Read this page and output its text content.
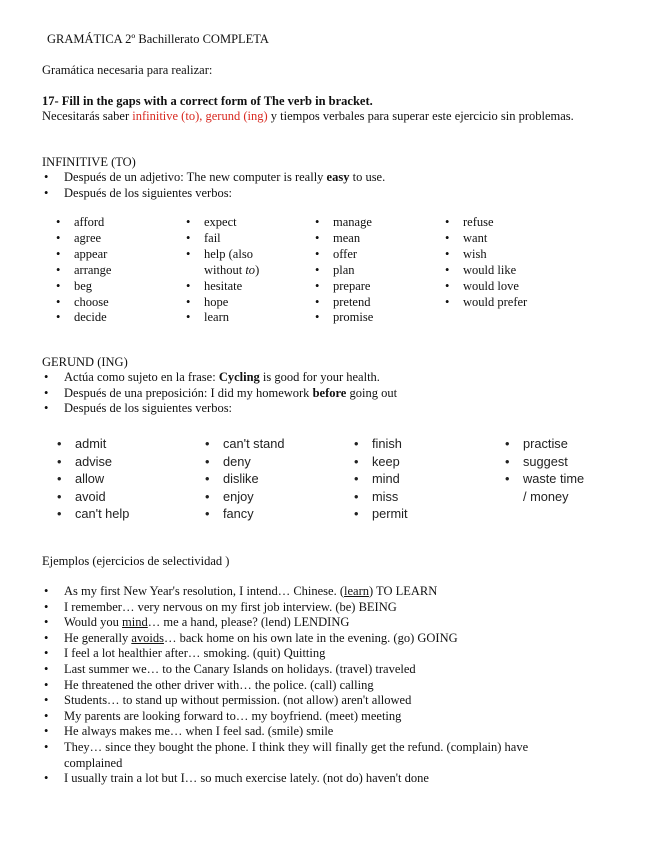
GRAMÁTICA 2º Bachillerato COMPLETA
Gramática necesaria para realizar:
17- Fill in the gaps with a correct form of The verb in bracket.
Necesitarás saber infinitive (to), gerund (ing) y tiempos verbales para superar este ejercicio sin problemas.
INFINITIVE (TO)
• Después de un adjetivo: The new computer is really easy to use.
• Después de los siguientes verbos:
• afford
• agree
• appear
• arrange
• beg
• choose
• decide
• expect
• fail
• help (also
without to)
• hesitate
• hope
• learn
• manage
• mean
• offer
• plan
• prepare
• pretend
• promise
• refuse
• want
• wish
• would like
• would love
• would prefer
GERUND (ING)
• Actúa como sujeto en la frase: Cycling is good for your health.
• Después de una preposición: I did my homework before going out
• Después de los siguientes verbos:
• admit
• advise
• allow
• avoid
• can't help
• can't stand
• deny
• dislike
• enjoy
• fancy
• finish
• keep
• mind
• miss
• permit
• practise
• suggest
• waste time
/ money
Ejemplos (ejercicios de selectividad )
• As my first New Year's resolution, I intend… Chinese. (learn) TO LEARN
• I remember… very nervous on my first job interview. (be) BEING
• Would you mind… me a hand, please? (lend) LENDING
• He generally avoids… back home on his own late in the evening. (go) GOING
• I feel a lot healthier after… smoking. (quit) Quitting
• Last summer we… to the Canary Islands on holidays. (travel) traveled
• He threatened the other driver with… the police. (call) calling
• Students… to stand up without permission. (not allow) aren't allowed
• My parents are looking forward to… my boyfriend. (meet) meeting
• He always makes me… when I feel sad. (smile) smile
• They… since they bought the phone. I think they will finally get the refund. (complain) have
complained
• I usually train a lot but I… so much exercise lately. (not do) haven't done
